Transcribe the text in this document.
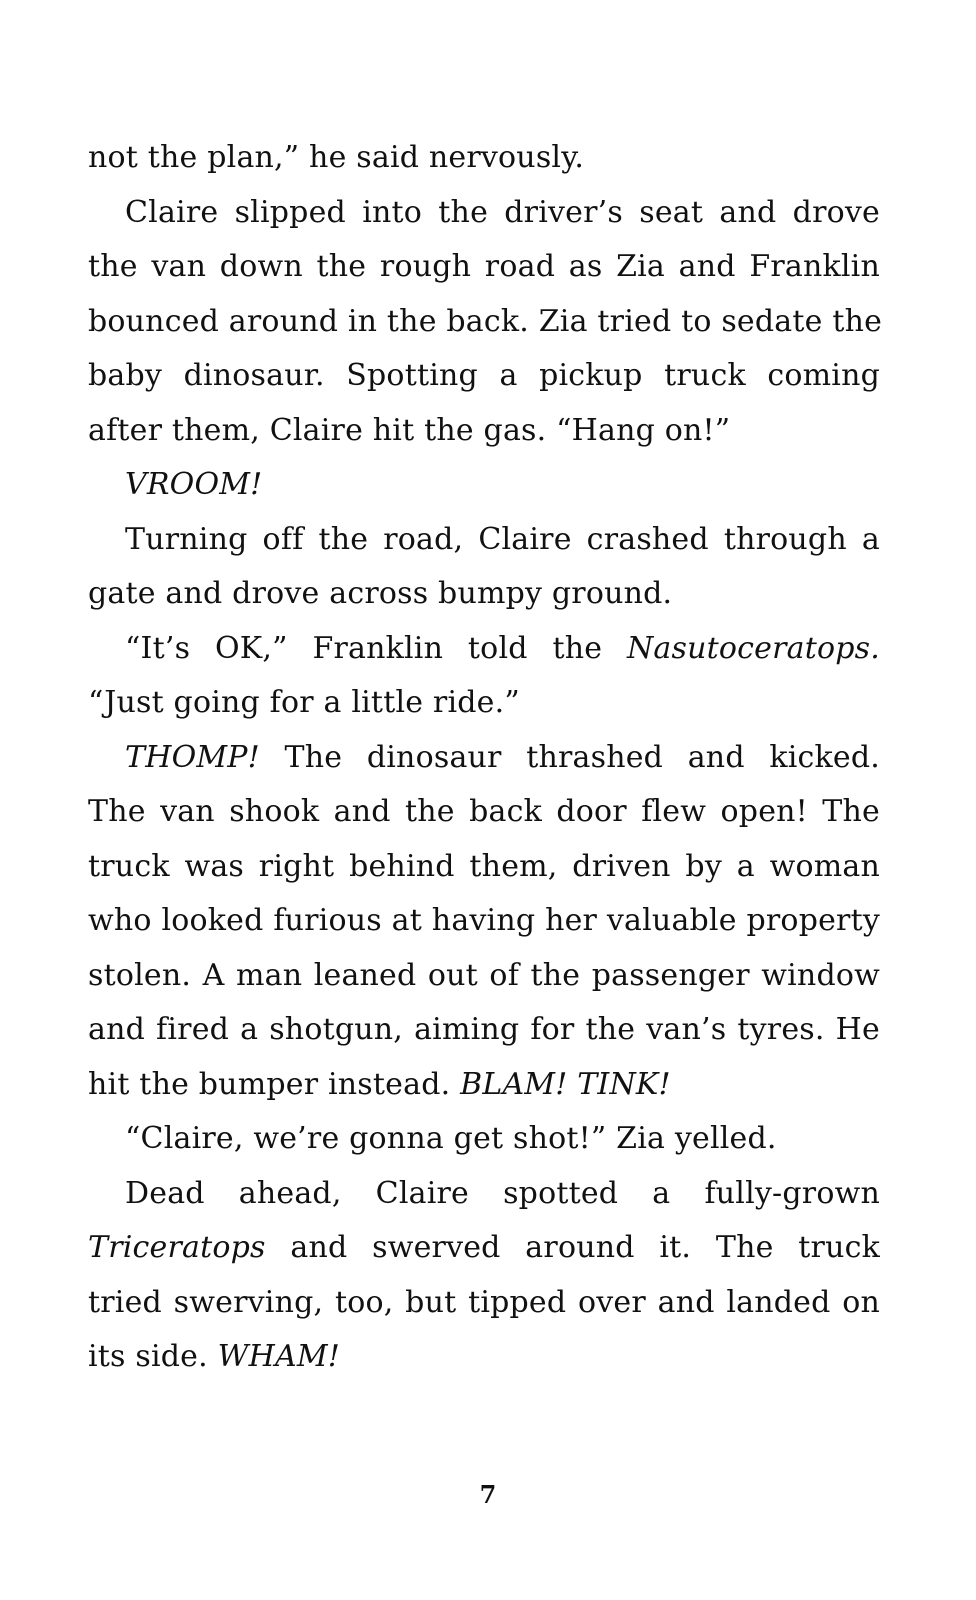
not the plan,” he said nervously.
Claire slipped into the driver’s seat and drove
the van down the rough road as Zia and Franklin
bounced around in the back. Zia tried to sedate the
baby dinosaur. Spotting a pickup truck coming
after them, Claire hit the gas. “Hang on!”
VROOM!
Turning off the road, Claire crashed through a
gate and drove across bumpy ground.
“It’s OK,” Franklin told the Nasutoceratops.
“Just going for a little ride.”
THOMP! The dinosaur thrashed and kicked.
The van shook and the back door flew open! The
truck was right behind them, driven by a woman
who looked furious at having her valuable property
stolen. A man leaned out of the passenger window
and fired a shotgun, aiming for the van’s tyres. He
hit the bumper instead. BLAM! TINK!
“Claire, we’re gonna get shot!” Zia yelled.
Dead ahead, Claire spotted a fully-grown
Triceratops and swerved around it. The truck
tried swerving, too, but tipped over and landed on
its side. WHAM!
7
